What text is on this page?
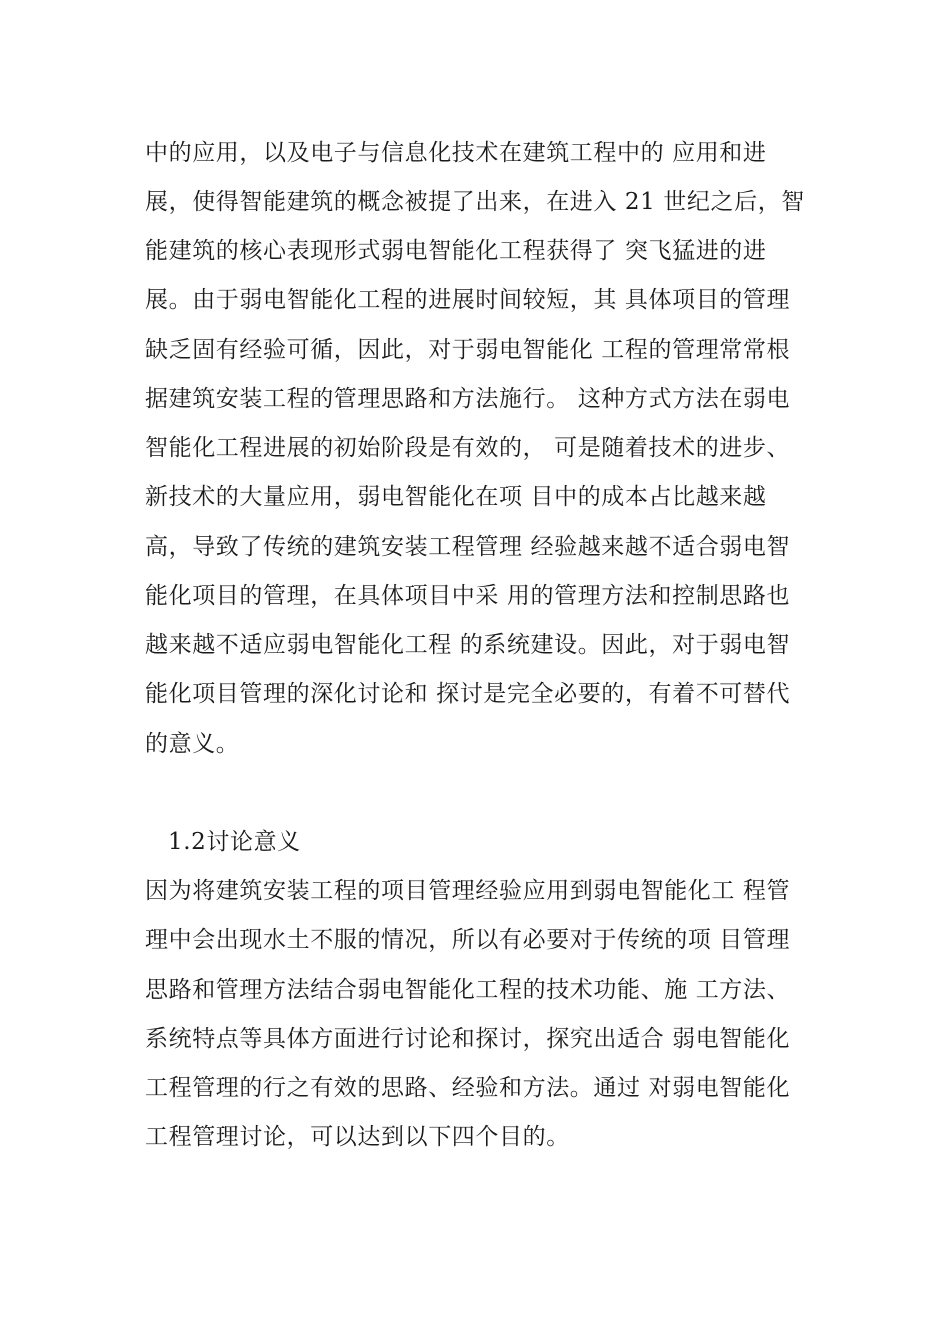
中的应用，以及电子与信息化技术在建筑工程中的 应用和进
展，使得智能建筑的概念被提了出来，在进入 21 世纪之后，智
能建筑的核心表现形式弱电智能化工程获得了 突飞猛进的进
展。由于弱电智能化工程的进展时间较短，其 具体项目的管理
缺乏固有经验可循，因此，对于弱电智能化 工程的管理常常根
据建筑安装工程的管理思路和方法施行。 这种方式方法在弱电
智能化工程进展的初始阶段是有效的， 可是随着技术的进步、
新技术的大量应用，弱电智能化在项 目中的成本占比越来越
高，导致了传统的建筑安装工程管理 经验越来越不适合弱电智
能化项目的管理，在具体项目中采 用的管理方法和控制思路也
越来越不适应弱电智能化工程 的系统建设。因此，对于弱电智
能化项目管理的深化讨论和 探讨是完全必要的，有着不可替代
的意义。
1.2讨论意义
因为将建筑安装工程的项目管理经验应用到弱电智能化工 程管
理中会出现水土不服的情况，所以有必要对于传统的项 目管理
思路和管理方法结合弱电智能化工程的技术功能、施 工方法、
系统特点等具体方面进行讨论和探讨，探究出适合 弱电智能化
工程管理的行之有效的思路、经验和方法。通过 对弱电智能化
工程管理讨论，可以达到以下四个目的。
